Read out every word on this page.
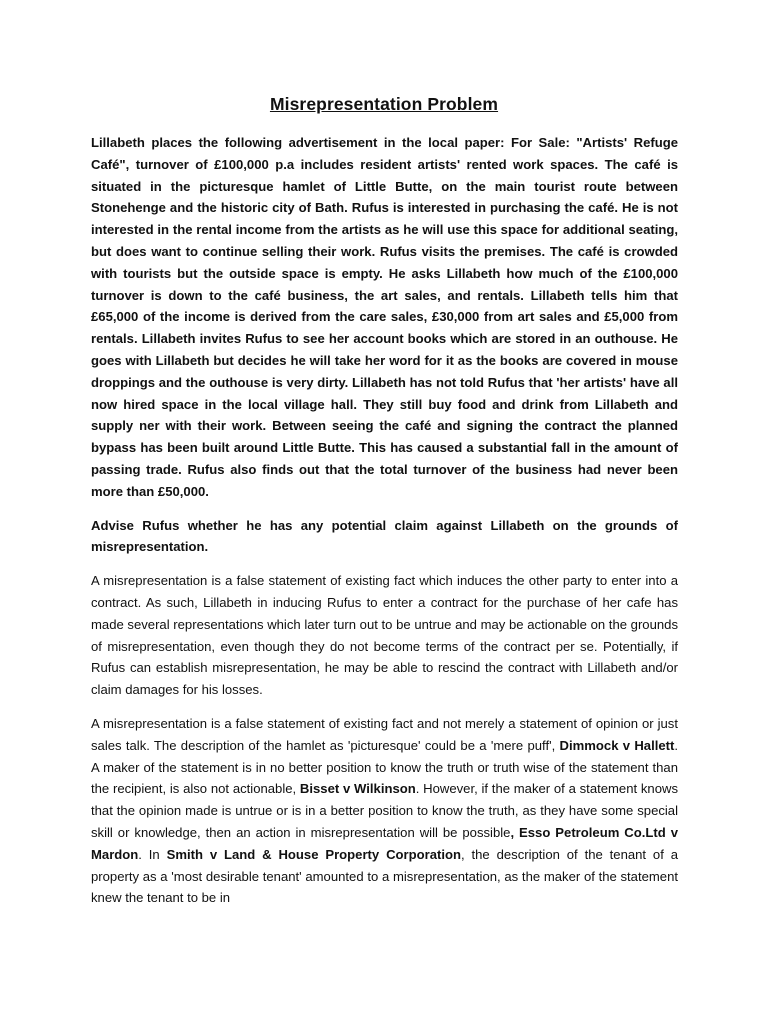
Misrepresentation Problem

Lillabeth places the following advertisement in the local paper: For Sale: "Artists' Refuge Café", turnover of £100,000 p.a includes resident artists' rented work spaces. The café is situated in the picturesque hamlet of Little Butte, on the main tourist route between Stonehenge and the historic city of Bath. Rufus is interested in purchasing the café. He is not interested in the rental income from the artists as he will use this space for additional seating, but does want to continue selling their work. Rufus visits the premises. The café is crowded with tourists but the outside space is empty. He asks Lillabeth how much of the £100,000 turnover is down to the café business, the art sales, and rentals. Lillabeth tells him that £65,000 of the income is derived from the care sales, £30,000 from art sales and £5,000 from rentals. Lillabeth invites Rufus to see her account books which are stored in an outhouse. He goes with Lillabeth but decides he will take her word for it as the books are covered in mouse droppings and the outhouse is very dirty. Lillabeth has not told Rufus that 'her artists' have all now hired space in the local village hall. They still buy food and drink from Lillabeth and supply ner with their work. Between seeing the café and signing the contract the planned bypass has been built around Little Butte. This has caused a substantial fall in the amount of passing trade. Rufus also finds out that the total turnover of the business had never been more than £50,000.

Advise Rufus whether he has any potential claim against Lillabeth on the grounds of misrepresentation.

A misrepresentation is a false statement of existing fact which induces the other party to enter into a contract. As such, Lillabeth in inducing Rufus to enter a contract for the purchase of her cafe has made several representations which later turn out to be untrue and may be actionable on the grounds of misrepresentation, even though they do not become terms of the contract per se. Potentially, if Rufus can establish misrepresentation, he may be able to rescind the contract with Lillabeth and/or claim damages for his losses.

A misrepresentation is a false statement of existing fact and not merely a statement of opinion or just sales talk. The description of the hamlet as 'picturesque' could be a 'mere puff', Dimmock v Hallett. A maker of the statement is in no better position to know the truth or truth wise of the statement than the recipient, is also not actionable, Bisset v Wilkinson. However, if the maker of a statement knows that the opinion made is untrue or is in a better position to know the truth, as they have some special skill or knowledge, then an action in misrepresentation will be possible, Esso Petroleum Co.Ltd v Mardon. In Smith v Land & House Property Corporation, the description of the tenant of a property as a 'most desirable tenant' amounted to a misrepresentation, as the maker of the statement knew the tenant to be in
